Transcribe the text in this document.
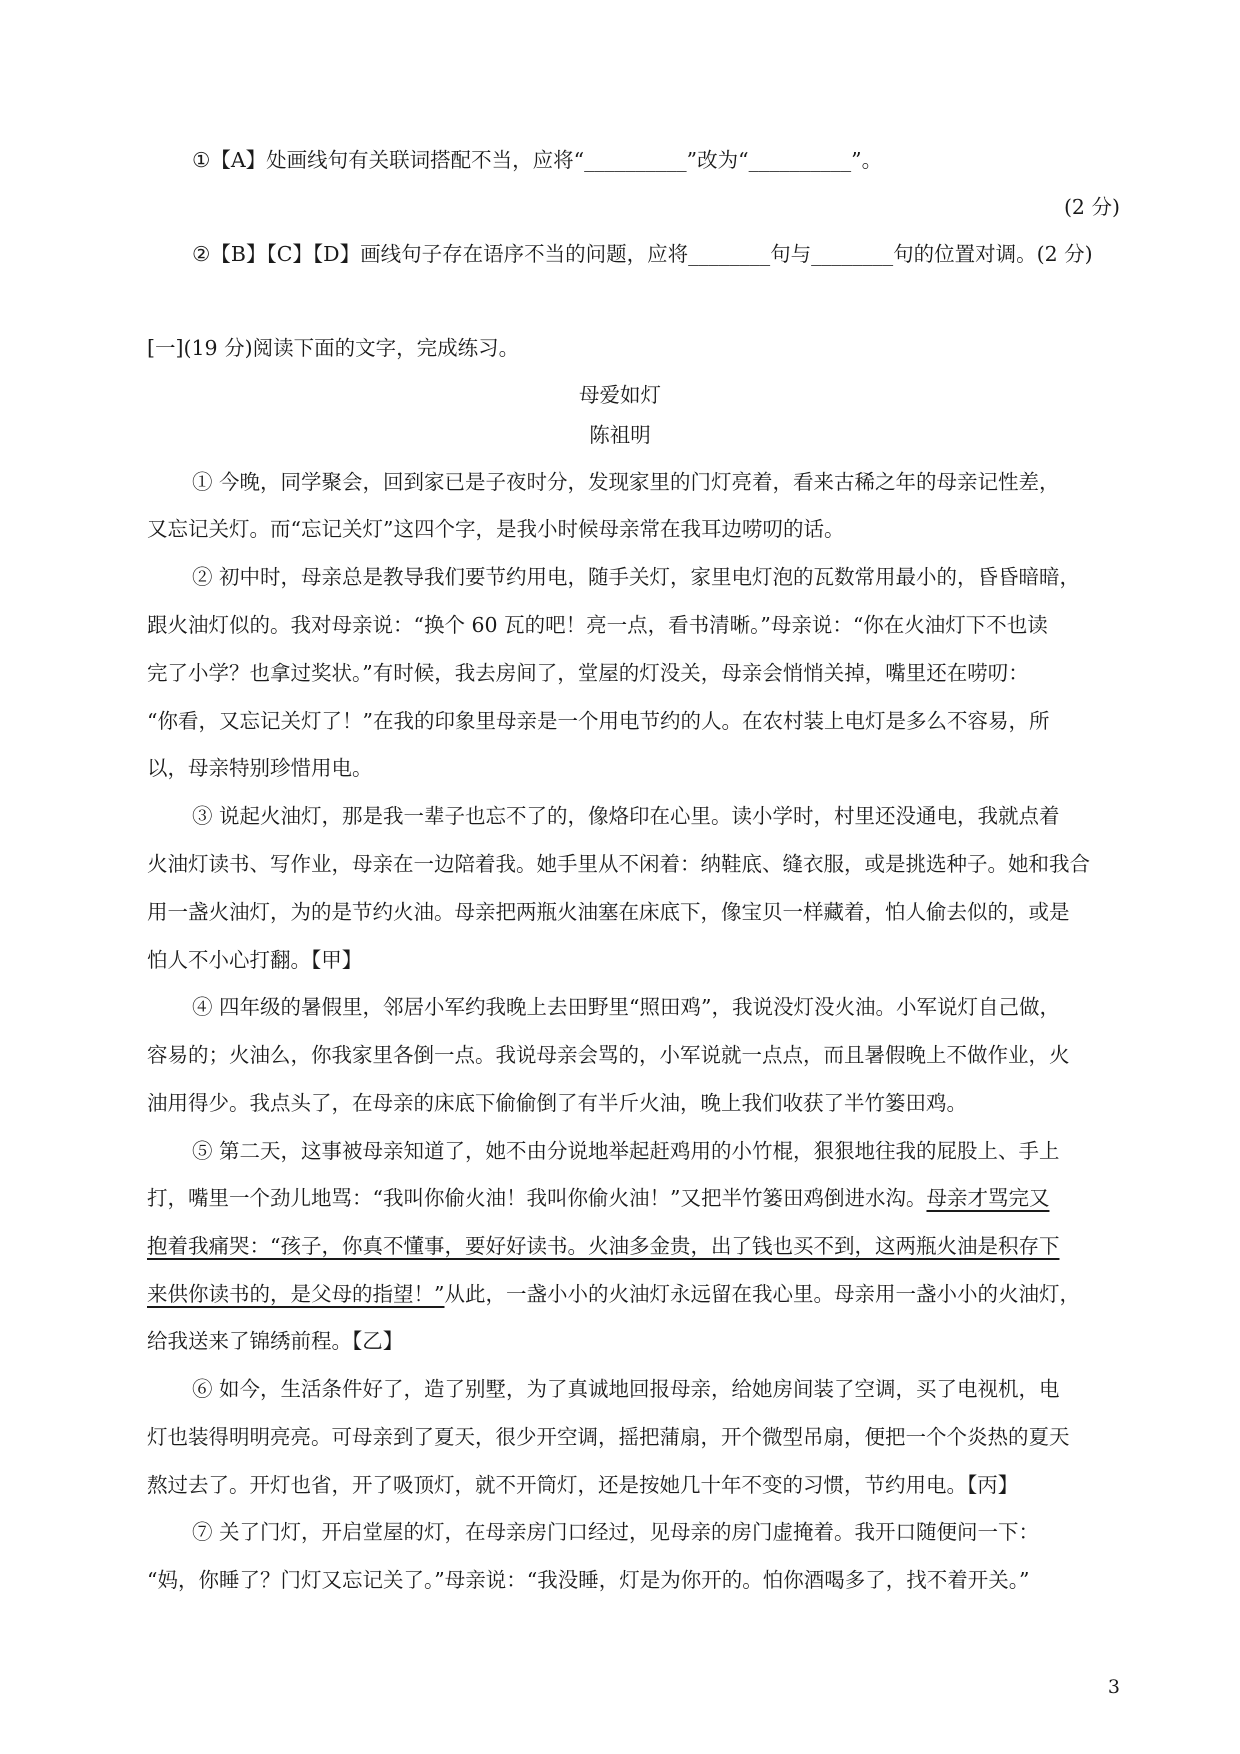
①【A】处画线句有关联词搭配不当，应将“__________”改为“__________”。
(2 分)
②【B】【C】【D】画线句子存在语序不当的问题，应将________句与________句的位置对调。(2 分)
[一](19 分)阅读下面的文字，完成练习。
母爱如灯
陈祖明
① 今晚，同学聚会，回到家已是子夜时分，发现家里的门灯亮着，看来古稀之年的母亲记性差，
又忘记关灯。而“忘记关灯”这四个字，是我小时候母亲常在我耳边唠叨的话。
② 初中时，母亲总是教导我们要节约用电，随手关灯，家里电灯泡的瓦数常用最小的，昏昏暗暗，
跟火油灯似的。我对母亲说：“换个 60 瓦的吧！亮一点，看书清晰。”母亲说：“你在火油灯下不也读
完了小学？也拿过奖状。”有时候，我去房间了，堂屋的灯没关，母亲会悄悄关掉，嘴里还在唠叨：
“你看，又忘记关灯了！”在我的印象里母亲是一个用电节约的人。在农村装上电灯是多么不容易，所
以，母亲特别珍惜用电。
③ 说起火油灯，那是我一辈子也忘不了的，像烙印在心里。读小学时，村里还没通电，我就点着
火油灯读书、写作业，母亲在一边陪着我。她手里从不闲着：纳鞋底、缝衣服，或是挑选种子。她和我合
用一盏火油灯，为的是节约火油。母亲把两瓶火油塞在床底下，像宝贝一样藏着，怕人偷去似的，或是
怕人不小心打翻。【甲】
④ 四年级的暑假里，邻居小军约我晚上去田野里“照田鸡”，我说没灯没火油。小军说灯自己做，
容易的；火油么，你我家里各倒一点。我说母亲会骂的，小军说就一点点，而且暑假晚上不做作业，火
油用得少。我点头了，在母亲的床底下偷偷倒了有半斤火油，晚上我们收获了半竹篓田鸡。
⑤ 第二天，这事被母亲知道了，她不由分说地举起赶鸡用的小竹棍，狠狠地往我的屁股上、手上
打，嘴里一个劲儿地骂：“我叫你偷火油！我叫你偷火油！”又把半竹篓田鸡倒进水沟。母亲才骂完又
抱着我痛哭：“孩子，你真不懂事，要好好读书。火油多金贵，出了钱也买不到，这两瓶火油是积存下
来供你读书的，是父母的指望！”从此，一盏小小的火油灯永远留在我心里。母亲用一盏小小的火油灯，
给我送来了锦绣前程。【乙】
⑥ 如今，生活条件好了，造了别墅，为了真诚地回报母亲，给她房间装了空调，买了电视机，电
灯也装得明明亮亮。可母亲到了夏天，很少开空调，摇把蒲扇，开个微型吊扇，便把一个个炎热的夏天
熬过去了。开灯也省，开了吸顶灯，就不开筒灯，还是按她几十年不变的习惯，节约用电。【丙】
⑦ 关了门灯，开启堂屋的灯，在母亲房门口经过，见母亲的房门虚掩着。我开口随便问一下：
“妈，你睡了？门灯又忘记关了。”母亲说：“我没睡，灯是为你开的。怕你酒喝多了，找不着开关。”
3
